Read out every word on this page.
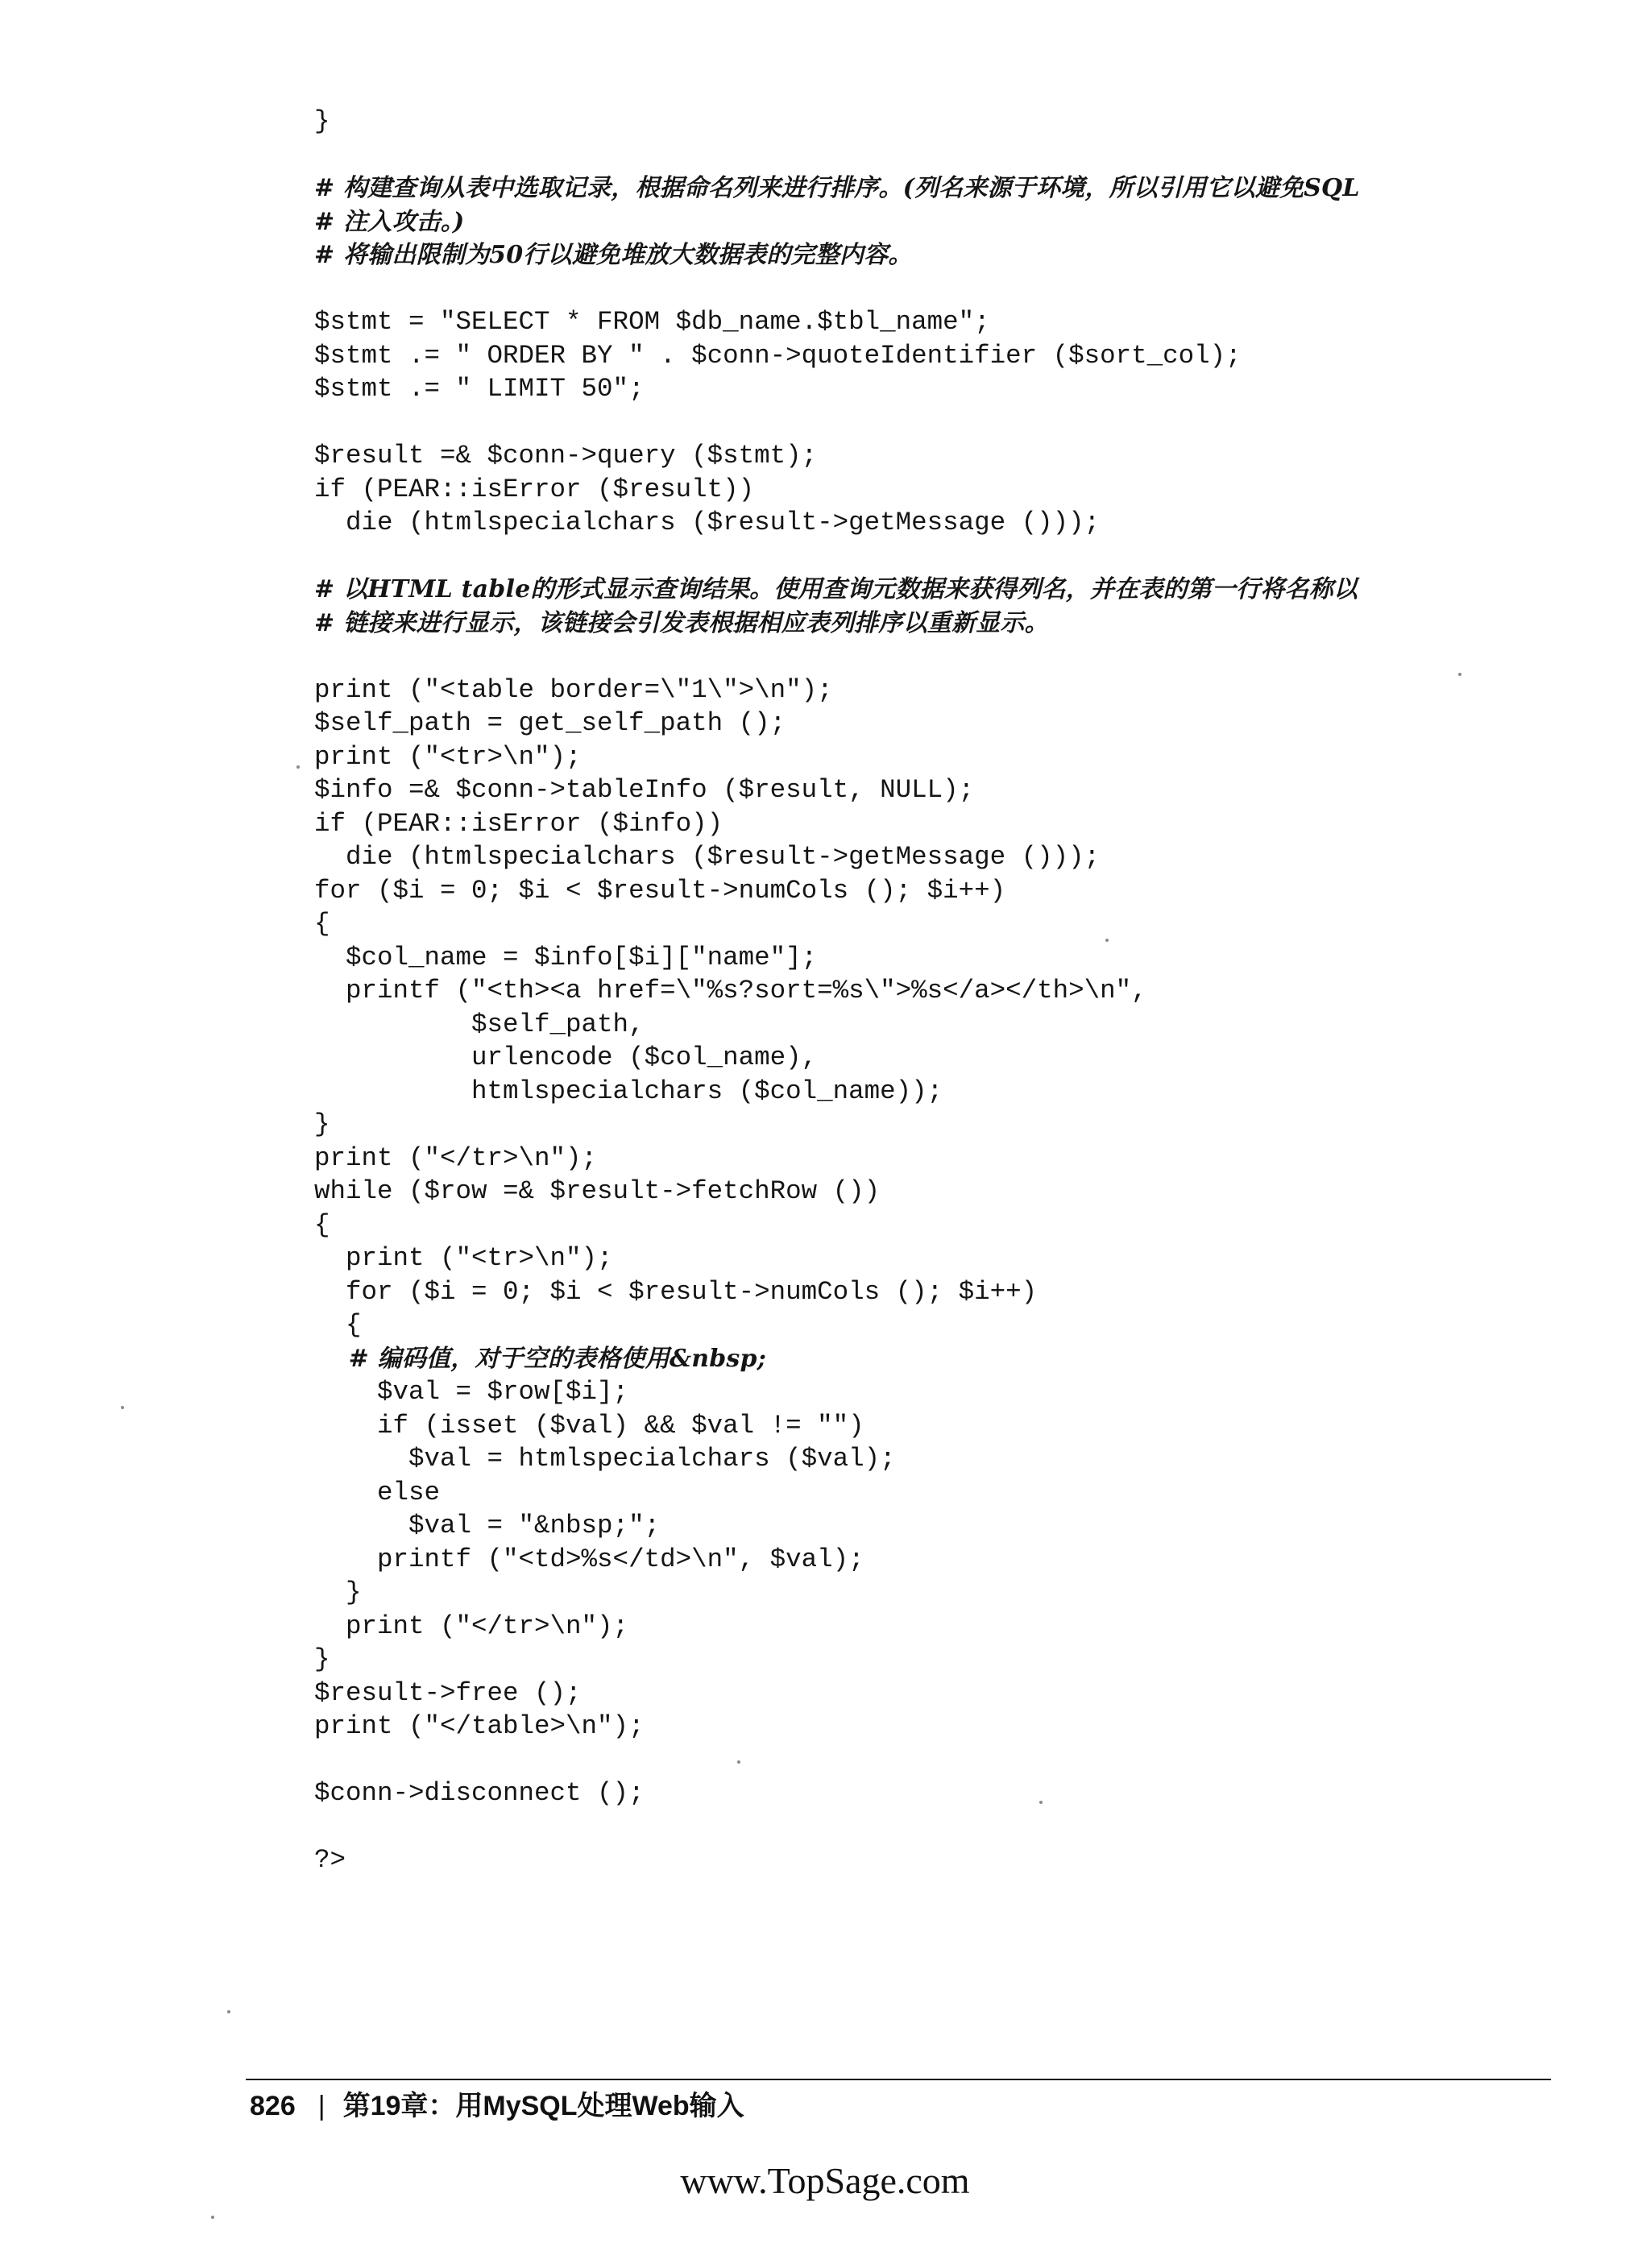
}
# 构建查询从表中选取记录，根据命名列来进行排序。(列名来源于环境，所以引用它以避免SQL
# 注入攻击。)
# 将输出限制为50行以避免堆放大数据表的完整内容。
$stmt = "SELECT * FROM $db_name.$tbl_name";
$stmt .= " ORDER BY " . $conn->quoteIdentifier ($sort_col);
$stmt .= " LIMIT 50";
$result =& $conn->query ($stmt);
if (PEAR::isError ($result))
die (htmlspecialchars ($result->getMessage ()));
# 以HTML table的形式显示查询结果。使用查询元数据来获得列名，并在表的第一行将名称以
# 链接来进行显示，该链接会引发表根据相应表列排序以重新显示。
print ("<table border=\"1\">\n");
$self_path = get_self_path ();
print ("<tr>\n");
$info =& $conn->tableInfo ($result, NULL);
if (PEAR::isError ($info))
die (htmlspecialchars ($result->getMessage ()));
for ($i = 0; $i < $result->numCols (); $i++)
{
$col_name = $info[$i]["name"];
printf ("<th><a href=\"%s?sort=%s\">%s</a></th>\n",
$self_path,
urlencode ($col_name),
htmlspecialchars ($col_name));
}
print ("</tr>\n");
while ($row =& $result->fetchRow ())
{
print ("<tr>\n");
for ($i = 0; $i < $result->numCols (); $i++)
{
# 编码值，对于空的表格使用&nbsp;
$val = $row[$i];
if (isset ($val) && $val != "")
$val = htmlspecialchars ($val);
else
$val = "&nbsp;";
printf ("<td>%s</td>\n", $val);
}
print ("</tr>\n");
}
$result->free ();
print ("</table>\n");
$conn->disconnect ();
?>
826 | 第19章：用MySQL处理Web输入
www.TopSage.com
